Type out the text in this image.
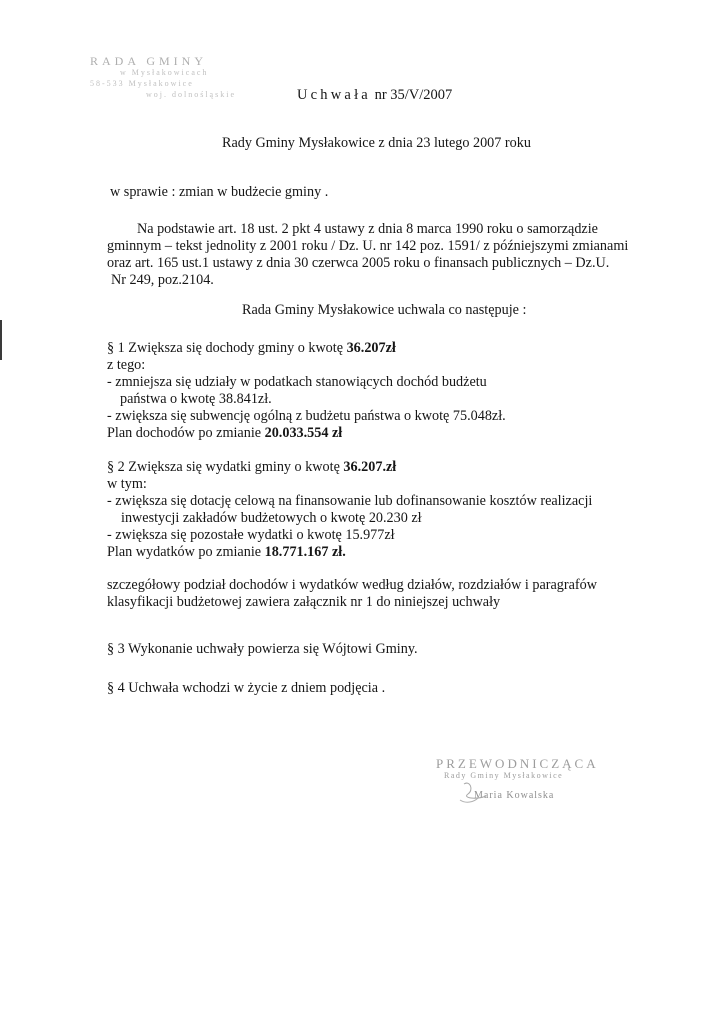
RADA GMINY
w Mysłakowicach
58-533 Mysłakowice
woj. dolnośląskie	Uchwała nr 35/V/2007
Rady Gminy Mysłakowice z dnia 23 lutego 2007 roku
w sprawie : zmian w budżecie gminy .
Na podstawie art. 18 ust. 2 pkt 4 ustawy z dnia 8 marca 1990 roku o samorządzie
gminnym – tekst jednolity z 2001 roku / Dz. U. nr 142 poz. 1591/ z późniejszymi zmianami
oraz art. 165 ust.1 ustawy z dnia 30 czerwca 2005 roku o finansach publicznych – Dz.U.
Nr 249, poz.2104.
Rada Gminy Mysłakowice uchwala co następuje :
§ 1 Zwiększa się dochody gminy o kwotę 36.207zł
z tego:
- zmniejsza się udziały w podatkach stanowiących dochód budżetu
państwa o kwotę 38.841zł.
- zwiększa się subwencję ogólną z budżetu państwa o kwotę 75.048zł.
Plan dochodów po zmianie 20.033.554 zł
§ 2 Zwiększa się wydatki gminy o kwotę 36.207.zł
w tym:
- zwiększa się dotację celową na finansowanie lub dofinansowanie kosztów realizacji
inwestycji zakładów budżetowych o kwotę 20.230 zł
- zwiększa się pozostałe wydatki o kwotę 15.977zł
Plan wydatków po zmianie 18.771.167 zł.
szczegółowy podział dochodów i wydatków według działów, rozdziałów i paragrafów
klasyfikacji budżetowej zawiera załącznik nr 1 do niniejszej uchwały
§ 3 Wykonanie uchwały powierza się Wójtowi Gminy.
§ 4 Uchwała wchodzi w życie z dniem podjęcia .
PRZEWODNICZĄCA
Rady Gminy Mysłakowice
Maria Kowalska
